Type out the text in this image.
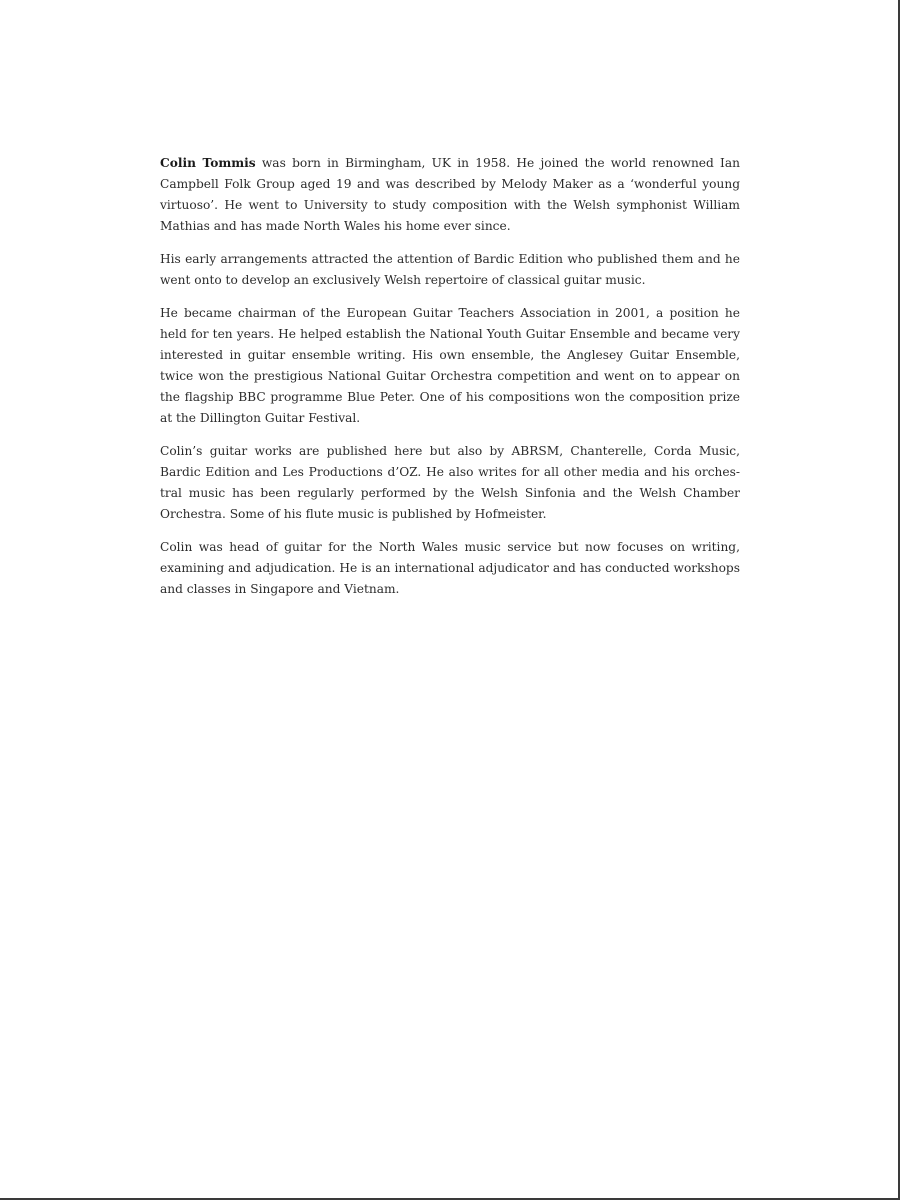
Colin Tommis was born in Birmingham, UK in 1958. He joined the world renowned Ian Campbell Folk Group aged 19 and was described by Melody Maker as a ‘wonderful young virtuoso’. He went to University to study composition with the Welsh symphonist William Mathias and has made North Wales his home ever since.

His early arrangements attracted the attention of Bardic Edition who published them and he went onto to develop an exclusively Welsh repertoire of classical guitar music.

He became chairman of the European Guitar Teachers Association in 2001, a position he held for ten years. He helped establish the National Youth Guitar Ensemble and became very interested in guitar ensemble writing. His own ensemble, the Anglesey Guitar Ensemble, twice won the prestigious National Guitar Orchestra competition and went on to appear on the flagship BBC programme Blue Peter. One of his compositions won the composition prize at the Dillington Guitar Festival.

Colin’s guitar works are published here but also by ABRSM, Chanterelle, Corda Music, Bardic Edition and Les Productions d’OZ. He also writes for all other media and his orchestral music has been regularly performed by the Welsh Sinfonia and the Welsh Chamber Orchestra. Some of his flute music is published by Hofmeister.

Colin was head of guitar for the North Wales music service but now focuses on writing, examining and adjudication. He is an international adjudicator and has conducted workshops and classes in Singapore and Vietnam.
